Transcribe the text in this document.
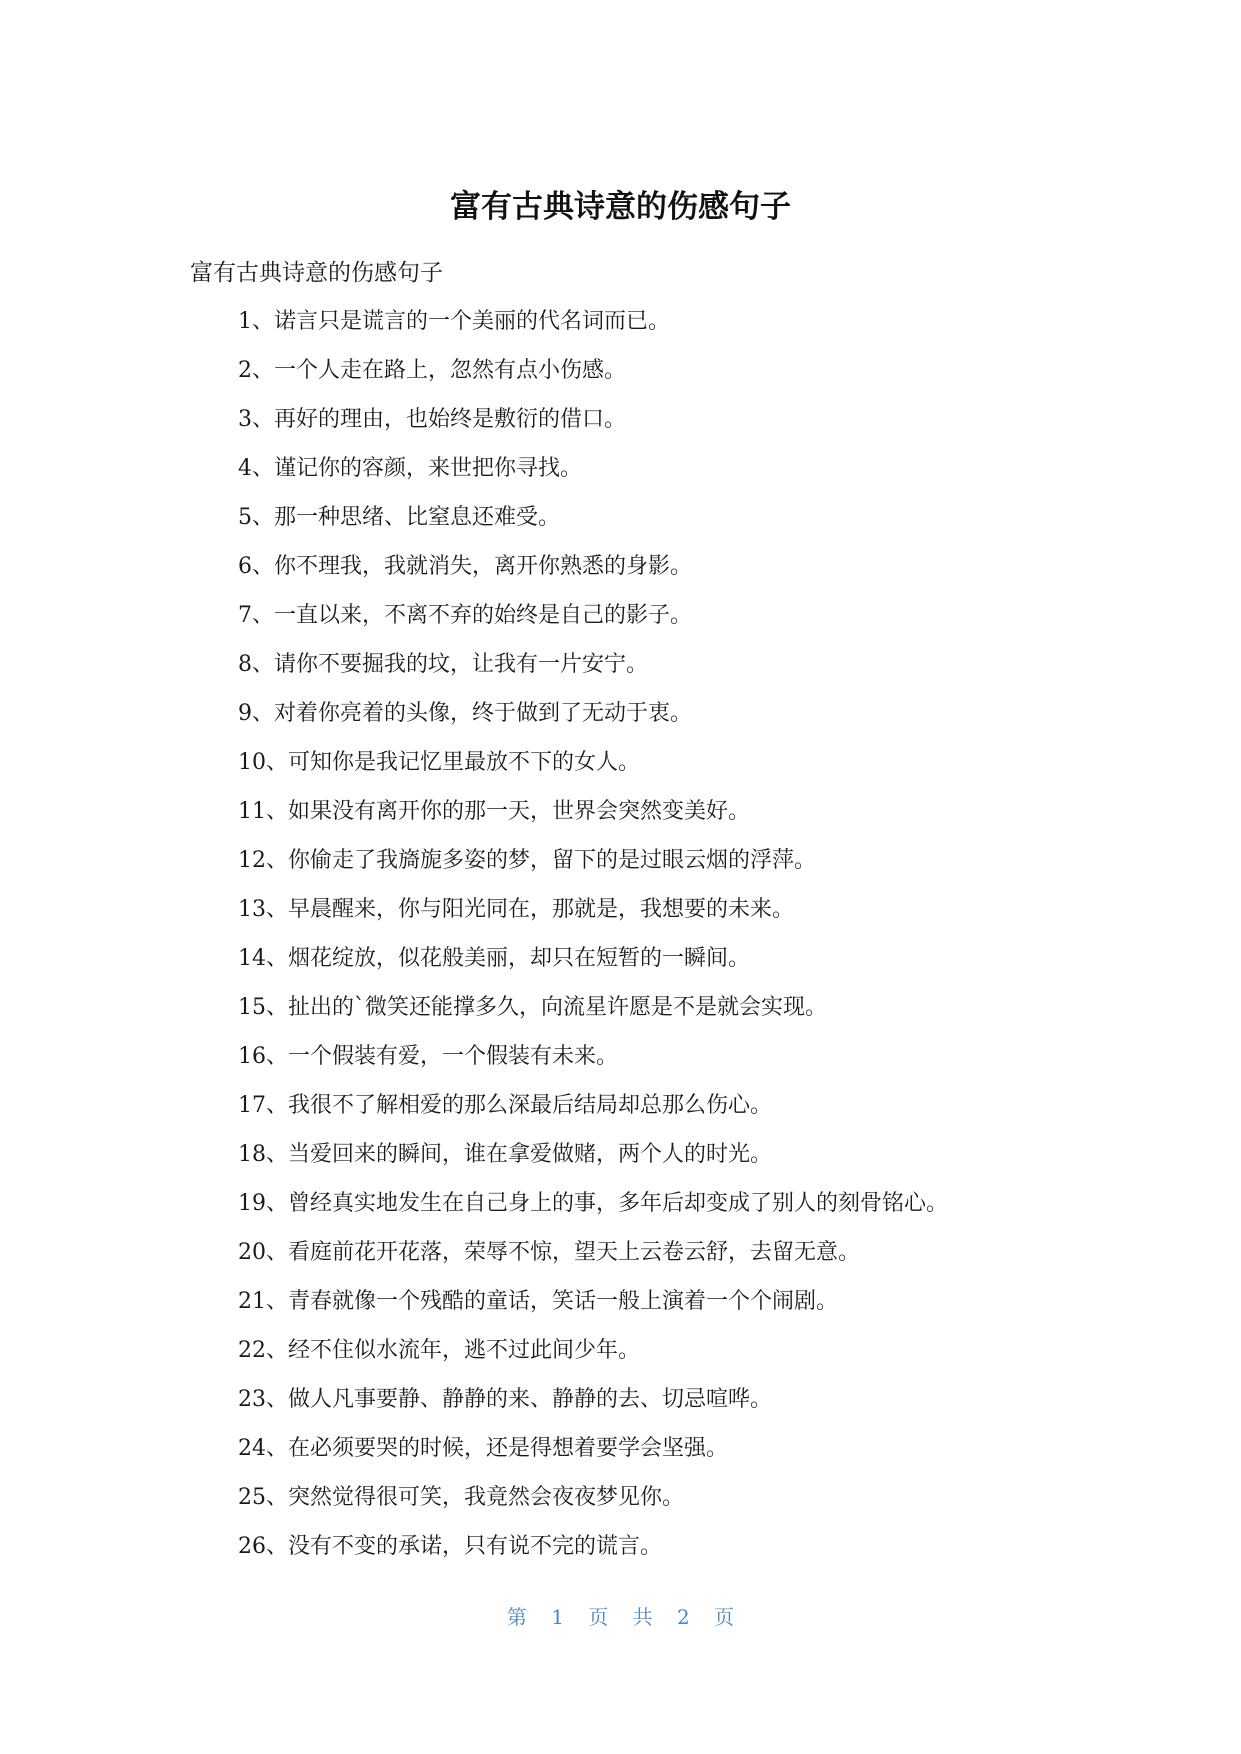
富有古典诗意的伤感句子

富有古典诗意的伤感句子

1、诺言只是谎言的一个美丽的代名词而已。
2、一个人走在路上，忽然有点小伤感。
3、再好的理由，也始终是敷衍的借口。
4、谨记你的容颜，来世把你寻找。
5、那一种思绪、比窒息还难受。
6、你不理我，我就消失，离开你熟悉的身影。
7、一直以来，不离不弃的始终是自己的影子。
8、请你不要掘我的坟，让我有一片安宁。
9、对着你亮着的头像，终于做到了无动于衷。
10、可知你是我记忆里最放不下的女人。
11、如果没有离开你的那一天，世界会突然变美好。
12、你偷走了我旖旎多姿的梦，留下的是过眼云烟的浮萍。
13、早晨醒来，你与阳光同在，那就是，我想要的未来。
14、烟花绽放，似花般美丽，却只在短暂的一瞬间。
15、扯出的`微笑还能撑多久，向流星许愿是不是就会实现。
16、一个假装有爱，一个假装有未来。
17、我很不了解相爱的那么深最后结局却总那么伤心。
18、当爱回来的瞬间，谁在拿爱做赌，两个人的时光。
19、曾经真实地发生在自己身上的事，多年后却变成了别人的刻骨铭心。
20、看庭前花开花落，荣辱不惊，望天上云卷云舒，去留无意。
21、青春就像一个残酷的童话，笑话一般上演着一个个闹剧。
22、经不住似水流年，逃不过此间少年。
23、做人凡事要静、静静的来、静静的去、切忌喧哗。
24、在必须要哭的时候，还是得想着要学会坚强。
25、突然觉得很可笑，我竟然会夜夜梦见你。
26、没有不变的承诺，只有说不完的谎言。
第 1 页 共 2 页
